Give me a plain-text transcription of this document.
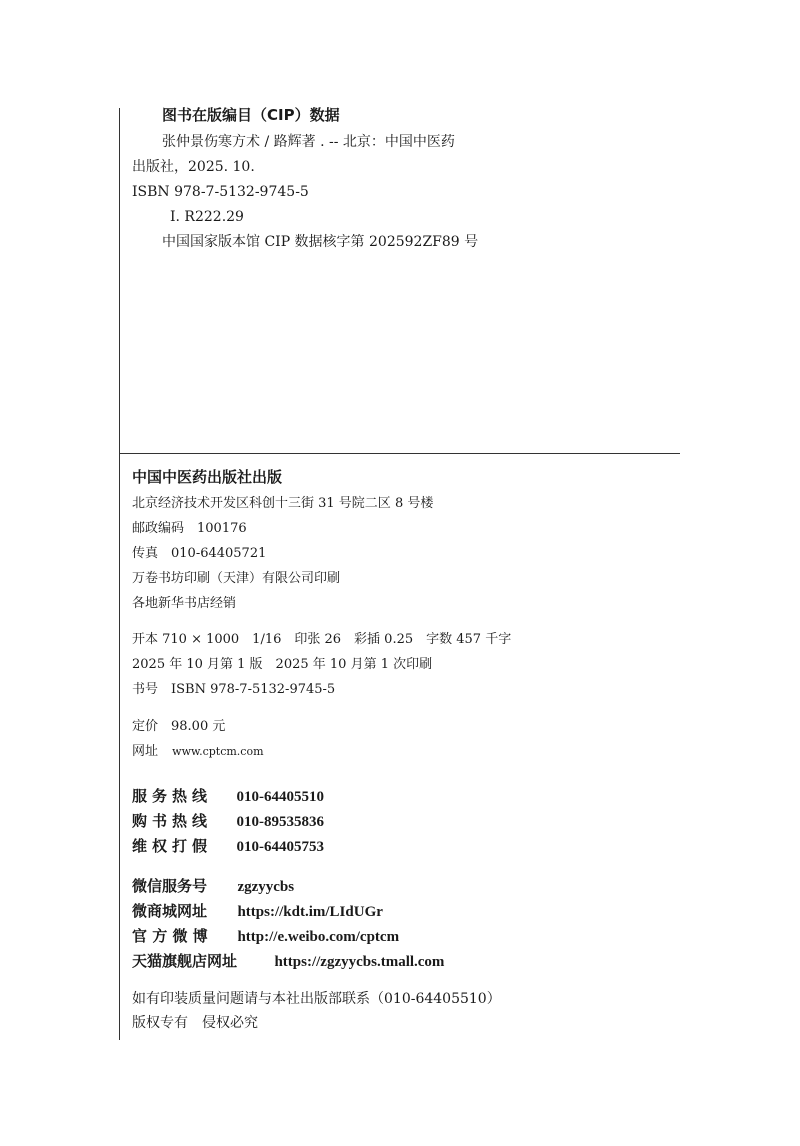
图书在版编目（CIP）数据
张仲景伤寒方术 / 路辉著 . -- 北京：中国中医药
出版社，2025. 10.
ISBN 978-7-5132-9745-5
Ⅰ. R222.29
中国国家版本馆 CIP 数据核字第 202592ZF89 号
中国中医药出版社出版
北京经济技术开发区科创十三街 31 号院二区 8 号楼
邮政编码　100176
传真　010-64405721
万卷书坊印刷（天津）有限公司印刷
各地新华书店经销
开本 710 × 1000　1/16　印张 26　彩插 0.25　字数 457 千字
2025 年 10 月第 1 版　2025 年 10 月第 1 次印刷
书号　ISBN 978-7-5132-9745-5
定价　98.00 元
网址 www.cptcm.com
服务热线 010-64405510
购书热线 010-89535836
维权打假 010-64405753
微信服务号 zgzyycbs
微商城网址 https://kdt.im/LIdUGr
官 方 微 博 http://e.weibo.com/cptcm
天猫旗舰店网址 https://zgzyycbs.tmall.com
如有印装质量问题请与本社出版部联系（010-64405510）
版权专有　侵权必究
